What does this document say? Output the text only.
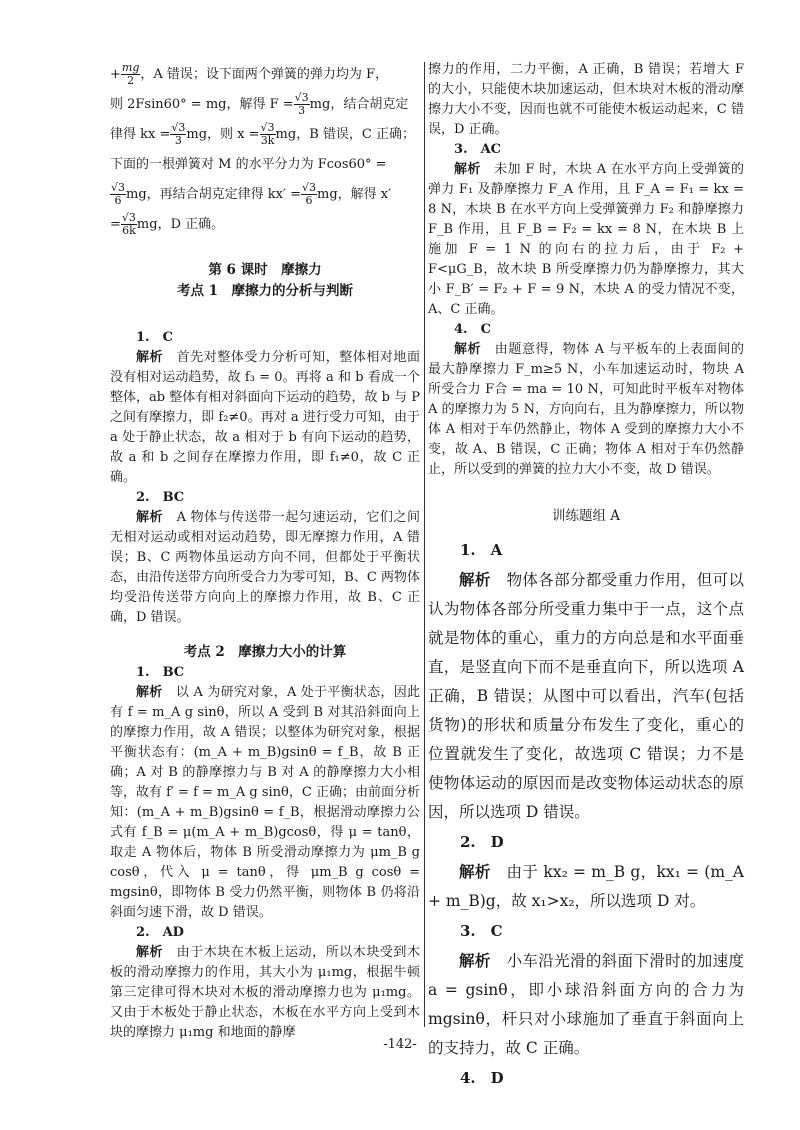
+ $\frac{mg}{2}$ ，A 错误；设下面两个弹簧的弹力均为 F，
则 2Fsin60° = mg，解得 $F = \frac{√3}{3}$ mg，结合胡克定
律得 kx = $\frac{√3}{3}$ mg，则 $x = \frac{√3}{3k}$ mg，B 错误，C 正确；
下面的一根弹簧对 M 的水平分力为 Fcos60° =

$\frac{√3}{6}$ mg，再结合胡克定律得 $kx' = \frac{√3}{6}$ mg，解得 x′
= $\frac{√3}{6k}$ mg，D 正确。

第 6 课时　摩擦力

考点 1　摩擦力的分析与判断

1.　C

解析　 首先对整体受力分析可知，整体相对地面没有相对运动趋势，故 f₃ = 0。再将 a 和 b 看成一个整体，ab 整体有相对斜面向下运动的趋势，故 b 与 P 之间有摩擦力，即 f₂≠0。再对 a 进行受力可知，由于 a 处于静止状态，故 a 相对于 b 有向下运动的趋势，故 a 和 b 之间存在摩擦力作用，即 f₁≠0，故 C 正确。

2.　BC

解析　 A 物体与传送带一起匀速运动，它们之间无相对运动或相对运动趋势，即无摩擦力作用，A 错误；B、C 两物体虽运动方向不同，但都处于平衡状态，由沿传送带方向所受合力为零可知，B、C 两物体均受沿传送带方向向上的摩擦力作用，故 B、C 正确，D 错误。

考点 2　摩擦力大小的计算

1.　BC

解析　 以 A 为研究对象，A 处于平衡状态，因此有 f = m_A g sinθ，所以 A 受到 B 对其沿斜面向上的摩擦力作用，故 A 错误；以整体为研究对象，根据平衡状态有：(m_A + m_B)gsinθ = f_B，故 B 正确；A 对 B 的静摩擦力与 B 对 A 的静摩擦力大小相等，故有 f′ = f = m_A g sinθ，C 正确；由前面分析知：(m_A + m_B)gsinθ = f_B，根据滑动摩擦力公式有 f_B = μ(m_A + m_B)gcosθ，得 μ = tanθ，取走 A 物体后，物体 B 所受滑动摩擦力为 μm_B g cosθ，代入 μ = tanθ，得 μm_B g cosθ = mgsinθ，即物体 B 受力仍然平衡，则物体 B 仍将沿斜面匀速下滑，故 D 错误。

2.　AD

解析　 由于木块在木板上运动，所以木块受到木板的滑动摩擦力的作用，其大小为 μ₁mg，根据牛顿第三定律可得木块对木板的滑动摩擦力也为 μ₁mg。又由于木板处于静止状态，木板在水平方向上受到木块的摩擦力 μ₁mg 和地面的静摩

擦力的作用，二力平衡，A 正确，B 错误；若增大 F 的大小，只能使木块加速运动，但木块对木板的滑动摩擦力大小不变，因而也就不可能使木板运动起来，C 错误，D 正确。

3.　AC

解析　 未加 F 时，木块 A 在水平方向上受弹簧的弹力 F₁ 及静摩擦力 F_A 作用，且 F_A = F₁ = kx = 8 N，木块 B 在水平方向上受弹簧弹力 F₂ 和静摩擦力 F_B 作用，且 F_B = F₂ = kx = 8 N，在木块 B 上施加 F = 1 N 的向右的拉力后，由于 F₂ + F<μG_B，故木块 B 所受摩擦力仍为静摩擦力，其大小 F_B′ = F₂ + F = 9 N，木块 A 的受力情况不变，A、C 正确。

4.　C

解析　 由题意得，物体 A 与平板车的上表面间的最大静摩擦力 F_m≥5 N，小车加速运动时，物块 A 所受合力 F合 = ma = 10 N，可知此时平板车对物体 A 的摩擦力为 5 N，方向向右，且为静摩擦力，所以物体 A 相对于车仍然静止，物体 A 受到的摩擦力大小不变，故 A、B 错误，C 正确；物体 A 相对于车仍然静止，所以受到的弹簧的拉力大小不变，故 D 错误。

训练题组 A

1.　A

解析　 物体各部分都受重力作用，但可以认为物体各部分所受重力集中于一点，这个点就是物体的重心，重力的方向总是和水平面垂直，是竖直向下而不是垂直向下，所以选项 A 正确，B 错误；从图中可以看出，汽车(包括货物)的形状和质量分布发生了变化，重心的位置就发生了变化，故选项 C 错误；力不是使物体运动的原因而是改变物体运动状态的原因，所以选项 D 错误。

2.　D

解析　 由于 kx₂ = m_B g，kx₁ = (m_A + m_B)g，故 x₁>x₂，所以选项 D 对。

3.　C

解析　 小车沿光滑的斜面下滑时的加速度 a = gsinθ，即小球沿斜面方向的合力为 mgsinθ，杆只对小球施加了垂直于斜面向上的支持力，故 C 正确。

4.　D

-142-
